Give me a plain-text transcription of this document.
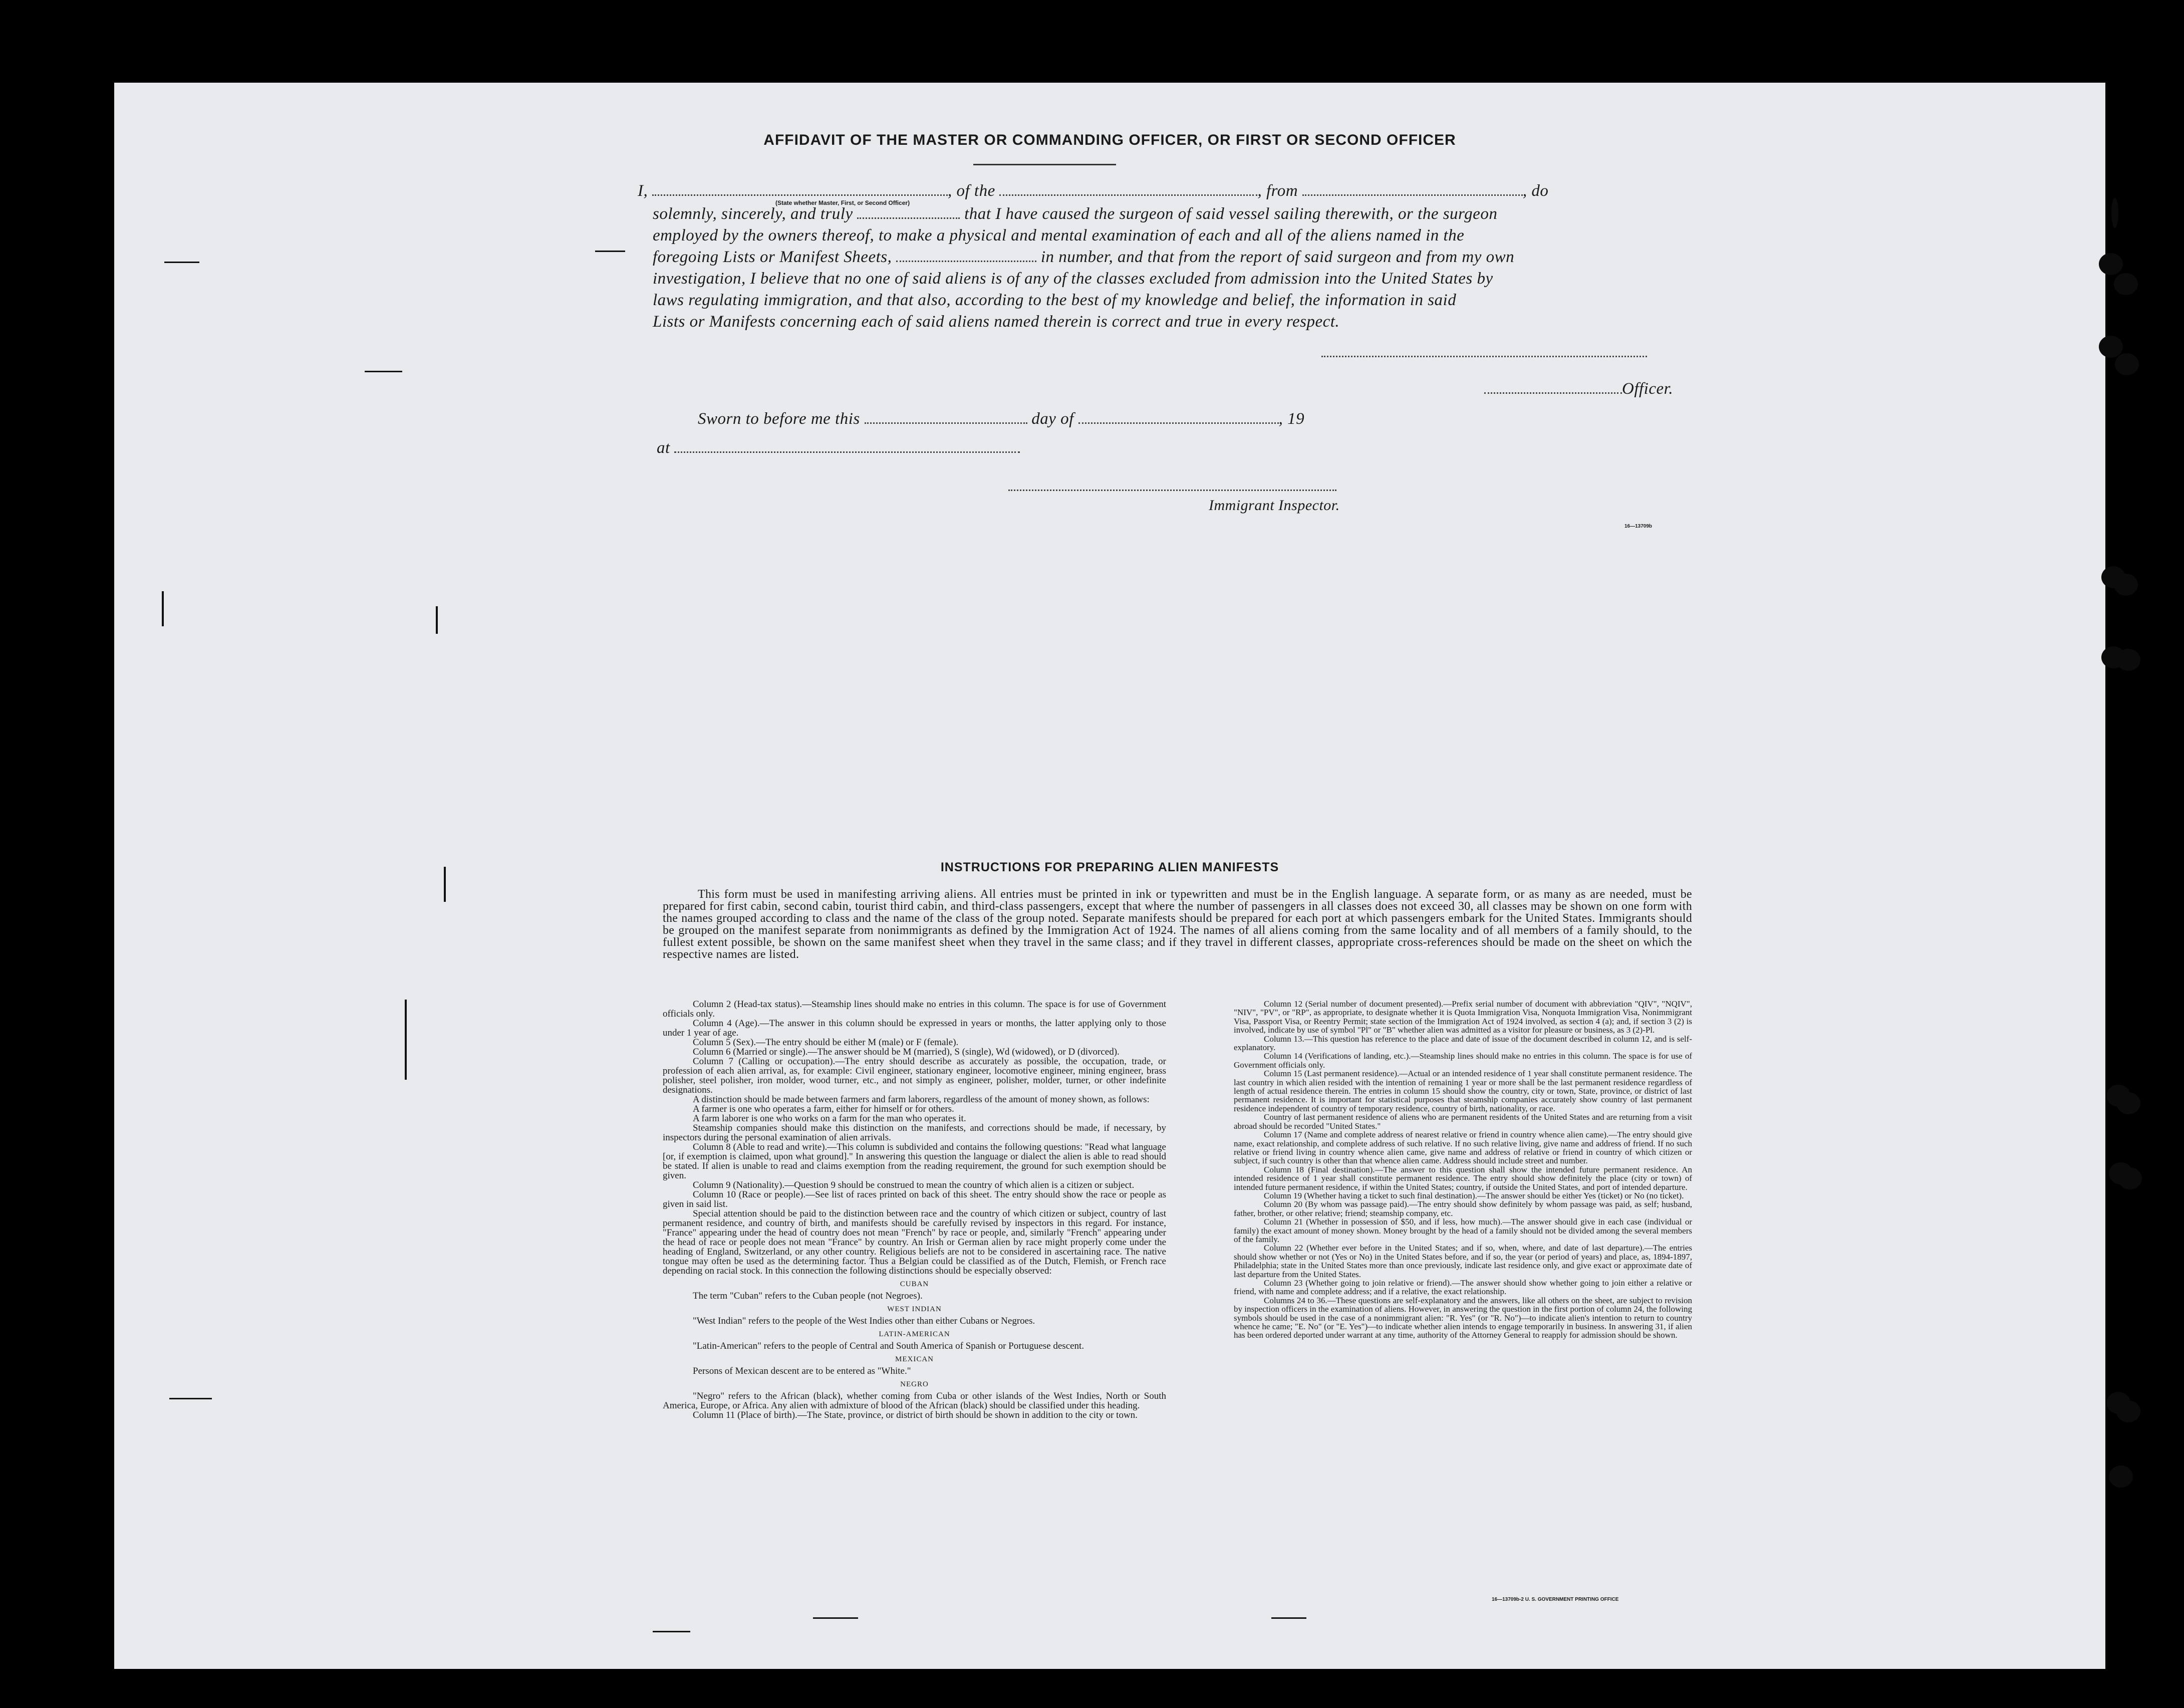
AFFIDAVIT OF THE MASTER OR COMMANDING OFFICER, OR FIRST OR SECOND OFFICER
I,	, of the	, from	, do
(State whether Master, First, or Second Officer)
solemnly, sincerely, and truly	that I have caused the surgeon of said vessel sailing therewith, or the surgeon
employed by the owners thereof, to make a physical and mental examination of each and all of the aliens named in the
foregoing Lists or Manifest Sheets,	in number, and that from the report of said surgeon and from my own
investigation, I believe that no one of said aliens is of any of the classes excluded from admission into the United States by
laws regulating immigration, and that also, according to the best of my knowledge and belief, the information in said
Lists or Manifests concerning each of said aliens named therein is correct and true in every respect.
Officer.
Sworn to before me this	day of	, 19
at
Immigrant Inspector.
16—13709b
INSTRUCTIONS FOR PREPARING ALIEN MANIFESTS
This form must be used in manifesting arriving aliens. All entries must be printed in ink or typewritten and must be in the English language. A separate form, or as many as are needed, must be prepared for first cabin, second cabin, tourist third cabin, and third-class passengers, except that where the number of passengers in all classes does not exceed 30, all classes may be shown on one form with the names grouped according to class and the name of the class of the group noted. Separate manifests should be prepared for each port at which passengers embark for the United States. Immigrants should be grouped on the manifest separate from nonimmigrants as defined by the Immigration Act of 1924. The names of all aliens coming from the same locality and of all members of a family should, to the fullest extent possible, be shown on the same manifest sheet when they travel in the same class; and if they travel in different classes, appropriate cross-references should be made on the sheet on which the respective names are listed.

Column 2 (Head-tax status).—Steamship lines should make no entries in this column. The space is for use of Government officials only.

Column 4 (Age).—The answer in this column should be expressed in years or months, the latter applying only to those under 1 year of age.

Column 5 (Sex).—The entry should be either M (male) or F (female).

Column 6 (Married or single).—The answer should be M (married), S (single), Wd (widowed), or D (divorced).

Column 7 (Calling or occupation).—The entry should describe as accurately as possible, the occupation, trade, or profession of each alien arrival, as, for example: Civil engineer, stationary engineer, locomotive engineer, mining engineer, brass polisher, steel polisher, iron molder, wood turner, etc., and not simply as engineer, polisher, molder, turner, or other indefinite designations.

A distinction should be made between farmers and farm laborers, regardless of the amount of money shown, as follows:

A farmer is one who operates a farm, either for himself or for others.

A farm laborer is one who works on a farm for the man who operates it.

Steamship companies should make this distinction on the manifests, and corrections should be made, if necessary, by inspectors during the personal examination of alien arrivals.

Column 8 (Able to read and write).—This column is subdivided and contains the following questions: "Read what language [or, if exemption is claimed, upon what ground]." In answering this question the language or dialect the alien is able to read should be stated. If alien is unable to read and claims exemption from the reading requirement, the ground for such exemption should be given.

Column 9 (Nationality).—Question 9 should be construed to mean the country of which alien is a citizen or subject.

Column 10 (Race or people).—See list of races printed on back of this sheet. The entry should show the race or people as given in said list.

Special attention should be paid to the distinction between race and the country of which citizen or subject, country of last permanent residence, and country of birth, and manifests should be carefully revised by inspectors in this regard. For instance, "France" appearing under the head of country does not mean "French" by race or people, and, similarly "French" appearing under the head of race or people does not mean "France" by country. An Irish or German alien by race might properly come under the heading of England, Switzerland, or any other country. Religious beliefs are not to be considered in ascertaining race. The native tongue may often be used as the determining factor. Thus a Belgian could be classified as of the Dutch, Flemish, or French race depending on racial stock. In this connection the following distinctions should be especially observed:

CUBAN

The term "Cuban" refers to the Cuban people (not Negroes).

WEST INDIAN

"West Indian" refers to the people of the West Indies other than either Cubans or Negroes.

LATIN-AMERICAN

"Latin-American" refers to the people of Central and South America of Spanish or Portuguese descent.

MEXICAN

Persons of Mexican descent are to be entered as "White."

NEGRO

"Negro" refers to the African (black), whether coming from Cuba or other islands of the West Indies, North or South America, Europe, or Africa. Any alien with admixture of blood of the African (black) should be classified under this heading.

Column 11 (Place of birth).—The State, province, or district of birth should be shown in addition to the city or town.

Column 12 (Serial number of document presented).—Prefix serial number of document with abbreviation "QIV", "NQIV", "NIV", "PV", or "RP", as appropriate, to designate whether it is Quota Immigration Visa, Nonquota Immigration Visa, Nonimmigrant Visa, Passport Visa, or Reentry Permit; state section of the Immigration Act of 1924 involved, as section 4 (a); and, if section 3 (2) is involved, indicate by use of symbol "Pl" or "B" whether alien was admitted as a visitor for pleasure or business, as 3 (2)-Pl.

Column 13.—This question has reference to the place and date of issue of the document described in column 12, and is self-explanatory.

Column 14 (Verifications of landing, etc.).—Steamship lines should make no entries in this column. The space is for use of Government officials only.

Column 15 (Last permanent residence).—Actual or an intended residence of 1 year shall constitute permanent residence. The last country in which alien resided with the intention of remaining 1 year or more shall be the last permanent residence regardless of length of actual residence therein. The entries in column 15 should show the country, city or town, State, province, or district of last permanent residence. It is important for statistical purposes that steamship companies accurately show country of last permanent residence independent of country of temporary residence, country of birth, nationality, or race.

Country of last permanent residence of aliens who are permanent residents of the United States and are returning from a visit abroad should be recorded "United States."

Column 17 (Name and complete address of nearest relative or friend in country whence alien came).—The entry should give name, exact relationship, and complete address of such relative. If no such relative living, give name and address of friend. If no such relative or friend living in country whence alien came, give name and address of relative or friend in country of which citizen or subject, if such country is other than that whence alien came. Address should include street and number.

Column 18 (Final destination).—The answer to this question shall show the intended future permanent residence. An intended residence of 1 year shall constitute permanent residence. The entry should show definitely the place (city or town) of intended future permanent residence, if within the United States; country, if outside the United States, and port of intended departure.

Column 19 (Whether having a ticket to such final destination).—The answer should be either Yes (ticket) or No (no ticket).

Column 20 (By whom was passage paid).—The entry should show definitely by whom passage was paid, as self; husband, father, brother, or other relative; friend; steamship company, etc.

Column 21 (Whether in possession of $50, and if less, how much).—The answer should give in each case (individual or family) the exact amount of money shown. Money brought by the head of a family should not be divided among the several members of the family.

Column 22 (Whether ever before in the United States; and if so, when, where, and date of last departure).—The entries should show whether or not (Yes or No) in the United States before, and if so, the year (or period of years) and place, as, 1894-1897, Philadelphia; state in the United States more than once previously, indicate last residence only, and give exact or approximate date of last departure from the United States.

Column 23 (Whether going to join relative or friend).—The answer should show whether going to join either a relative or friend, with name and complete address; and if a relative, the exact relationship.

Columns 24 to 36.—These questions are self-explanatory and the answers, like all others on the sheet, are subject to revision by inspection officers in the examination of aliens. However, in answering the question in the first portion of column 24, the following symbols should be used in the case of a nonimmigrant alien: "R. Yes" (or "R. No")—to indicate alien's intention to return to country whence he came; "E. No" (or "E. Yes")—to indicate whether alien intends to engage temporarily in business. In answering 31, if alien has been ordered deported under warrant at any time, authority of the Attorney General to reapply for admission should be shown.

16—13709b-2 U. S. GOVERNMENT PRINTING OFFICE
